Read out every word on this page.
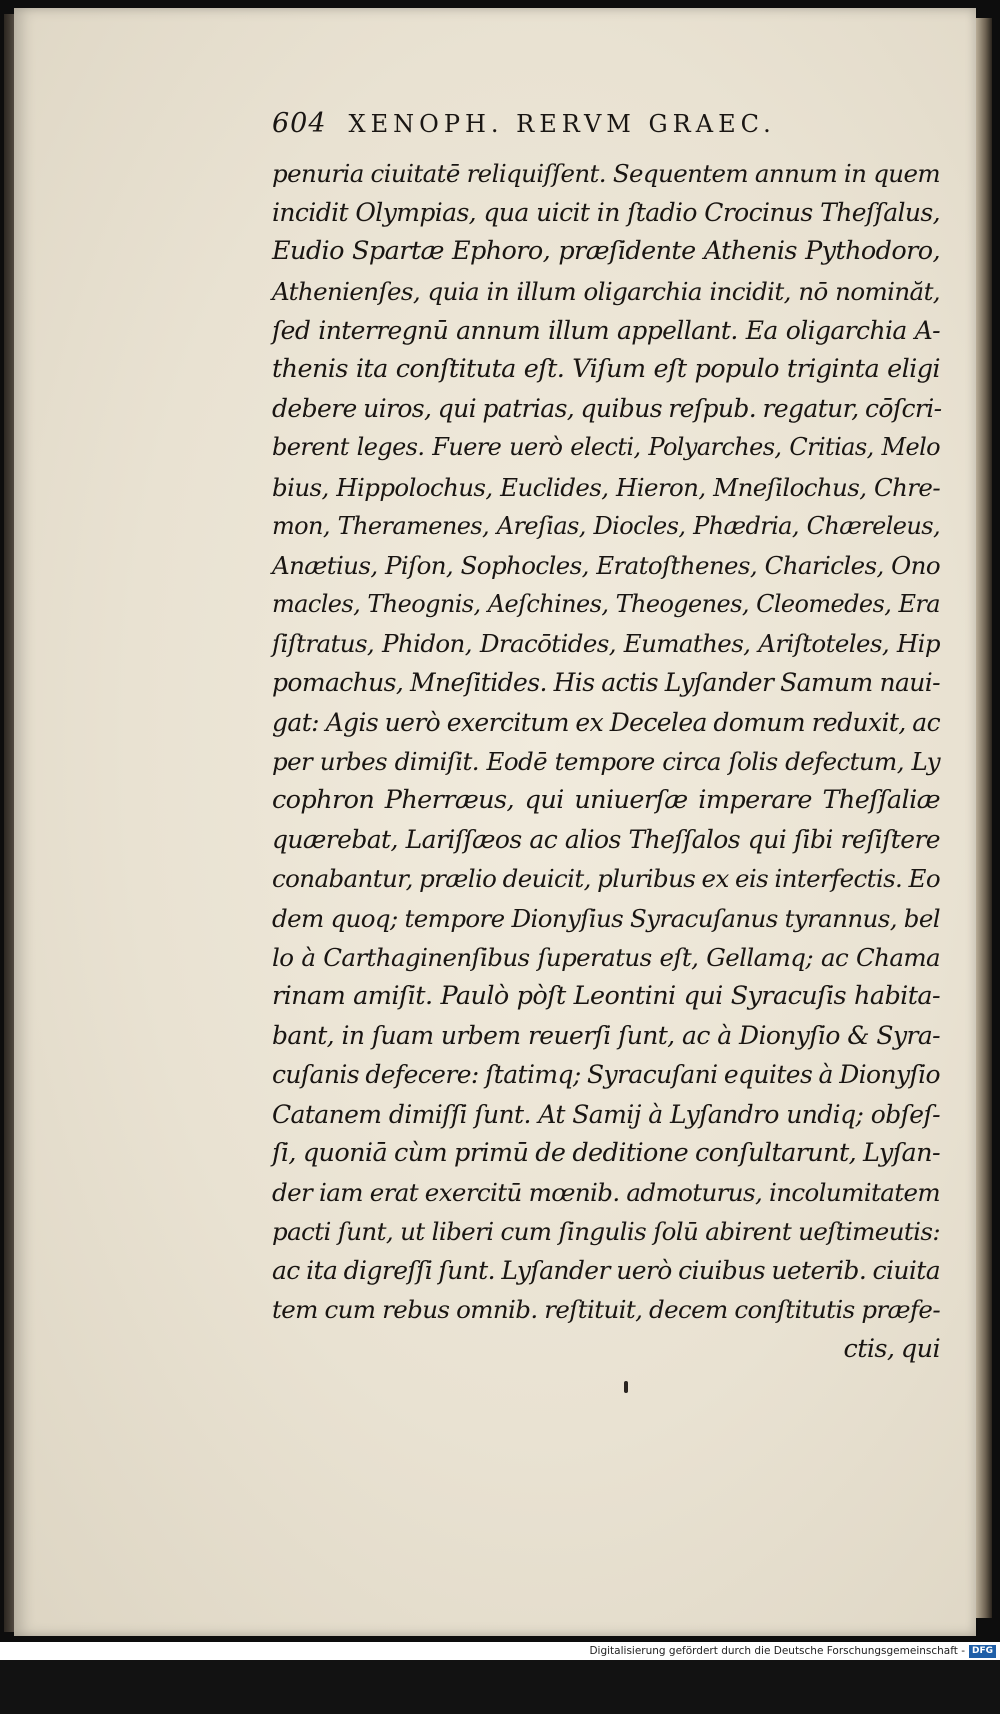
604 XENOPH. RERVM GRAEC.
penuria ciuitatē reliquiſſent. Sequentem annum in quem
incidit Olympias, qua uicit in ſtadio Crocinus Theſſalus,
Eudio Spartæ Ephoro, præſidente Athenis Pythodoro,
Athenienſes, quia in illum oligarchia incidit, nō nominăt,
ſed interregnū annum illum appellant. Ea oligarchia A-
thenis ita conſtituta eſt. Viſum eſt populo triginta eligi
debere uiros, qui patrias, quibus reſpub. regatur, cōſcri-
berent leges. Fuere uerò electi, Polyarches, Critias, Melo
bius, Hippolochus, Euclides, Hieron, Mneſilochus, Chre-
mon, Theramenes, Areſias, Diocles, Phædria, Chæreleus,
Anætius, Piſon, Sophocles, Eratoſthenes, Charicles, Ono
macles, Theognis, Aeſchines, Theogenes, Cleomedes, Era
ſiſtratus, Phidon, Dracōtides, Eumathes, Ariſtoteles, Hip
pomachus, Mneſitides. His actis Lyſander Samum naui-
gat: Agis uerò exercitum ex Decelea domum reduxit, ac
per urbes dimiſit. Eodē tempore circa ſolis defectum, Ly
cophron Pherræus, qui uniuerſæ imperare Theſſaliæ
quærebat, Lariſſæos ac alios Theſſalos qui ſibi reſiſtere
conabantur, prælio deuicit, pluribus ex eis interfectis. Eo
dem quoq; tempore Dionyſius Syracuſanus tyrannus, bel
lo à Carthaginenſibus ſuperatus eſt, Gellamq; ac Chama
rinam amiſit. Paulò pòſt Leontini qui Syracuſis habita-
bant, in ſuam urbem reuerſi ſunt, ac à Dionyſio & Syra-
cuſanis defecere: ſtatimq; Syracuſani equites à Dionyſio
Catanem dimiſſi ſunt. At Samij à Lyſandro undiq; obſeſ-
ſi, quoniā cùm primū de deditione conſultarunt, Lyſan-
der iam erat exercitū mœnib. admoturus, incolumitatem
pacti ſunt, ut liberi cum ſingulis ſolū abirent ueſtimeutis:
ac ita digreſſi ſunt. Lyſander uerò ciuibus ueterib. ciuita
tem cum rebus omnib. reſtituit, decem conſtitutis præfe-
ctis, qui
Digitalisierung gefördert durch die Deutsche Forschungsgemeinschaft - DFG
